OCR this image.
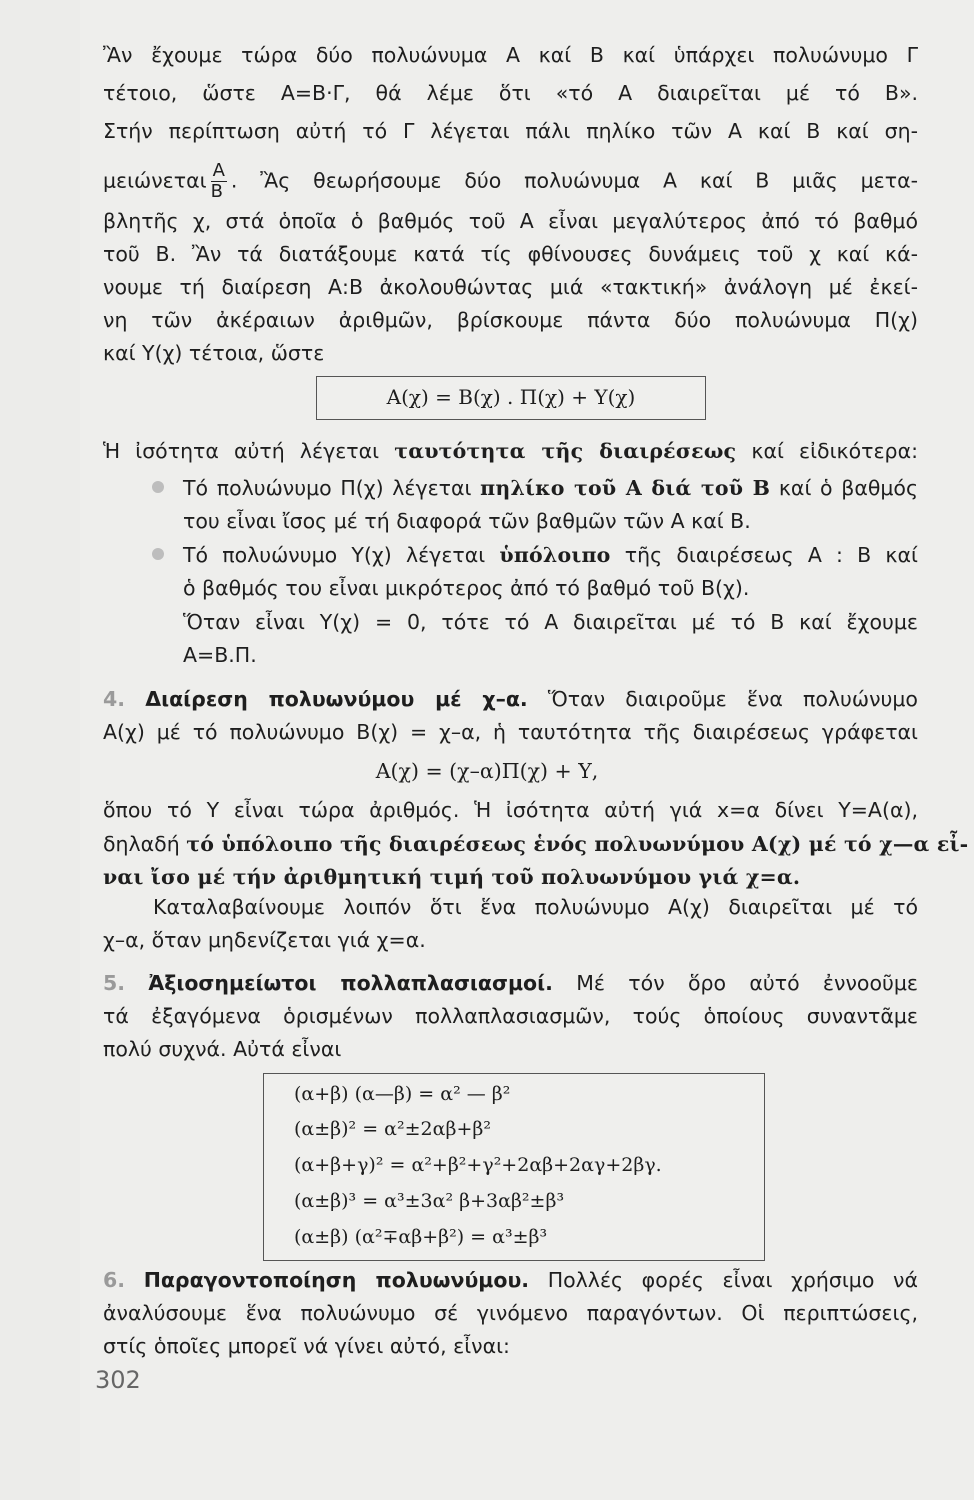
Ἂν ἔχουμε τώρα δύο πολυώνυμα Α καί Β καί ὑπάρχει πολυώνυμο Γ
τέτοιο, ὥστε Α=Β·Γ, θά λέμε ὅτι «τό Α διαιρεῖται μέ τό Β».
Στήν περίπτωση αὐτή τό Γ λέγεται πάλι πηλίκο τῶν Α καί Β καί ση-
μειώνεται $\frac{A}{B}$ . Ἂς θεωρήσουμε δύο πολυώνυμα Α καί Β μιᾶς μετα-
βλητῆς χ, στά ὁποῖα ὁ βαθμός τοῦ Α εἶναι μεγαλύτερος ἀπό τό βαθμό
τοῦ Β. Ἂν τά διατάξουμε κατά τίς φθίνουσες δυνάμεις τοῦ χ καί κά-
νουμε τή διαίρεση Α:Β ἀκολουθώντας μιά «τακτική» ἀνάλογη μέ ἐκεί-
νη τῶν ἀκέραιων ἀριθμῶν, βρίσκουμε πάντα δύο πολυώνυμα Π(χ)
καί Υ(χ) τέτοια, ὥστε
Α(χ) = Β(χ) . Π(χ) + Υ(χ)
Ἡ ἰσότητα αὐτή λέγεται ταυτότητα τῆς διαιρέσεως καί εἰδικότερα:
Τό πολυώνυμο Π(χ) λέγεται πηλίκο τοῦ Α διά τοῦ Β καί ὁ βαθμός
του εἶναι ἴσος μέ τή διαφορά τῶν βαθμῶν τῶν Α καί Β.
Τό πολυώνυμο Υ(χ) λέγεται ὑπόλοιπο τῆς διαιρέσεως Α : Β καί
ὁ βαθμός του εἶναι μικρότερος ἀπό τό βαθμό τοῦ Β(χ).
Ὅταν εἶναι Υ(χ) = 0, τότε τό Α διαιρεῖται μέ τό Β καί ἔχουμε
Α=Β.Π.
4. Διαίρεση πολυωνύμου μέ χ–α. Ὅταν διαιροῦμε ἕνα πολυώνυμο
Α(χ) μέ τό πολυώνυμο Β(χ) = χ–α, ἡ ταυτότητα τῆς διαιρέσεως γράφεται
Α(χ) = (χ–α)Π(χ) + Υ,
ὅπου τό Υ εἶναι τώρα ἀριθμός. Ἡ ἰσότητα αὐτή γιά x=α δίνει Υ=Α(α),
δηλαδή τό ὑπόλοιπο τῆς διαιρέσεως ἑνός πολυωνύμου Α(χ) μέ τό χ—α εἶ-
ναι ἴσο μέ τήν ἀριθμητική τιμή τοῦ πολυωνύμου γιά χ=α.
Καταλαβαίνουμε λοιπόν ὅτι ἕνα πολυώνυμο Α(χ) διαιρεῖται μέ τό
χ–α, ὅταν μηδενίζεται γιά χ=α.
5. Ἀξιοσημείωτοι πολλαπλασιασμοί. Μέ τόν ὅρο αὐτό ἐννοοῦμε
τά ἐξαγόμενα ὁρισμένων πολλαπλασιασμῶν, τούς ὁποίους συναντᾶμε
πολύ συχνά. Αὐτά εἶναι
(α+β) (α—β) = α² — β²
(α±β)² = α²±2αβ+β²
(α+β+γ)² = α²+β²+γ²+2αβ+2αγ+2βγ.
(α±β)³ = α³±3α² β+3αβ²±β³
(α±β) (α²∓αβ+β²) = α³±β³
6. Παραγοντοποίηση πολυωνύμου. Πολλές φορές εἶναι χρήσιμο νά
ἀναλύσουμε ἕνα πολυώνυμο σέ γινόμενο παραγόντων. Οἱ περιπτώσεις,
στίς ὁποῖες μπορεῖ νά γίνει αὐτό, εἶναι:
302
